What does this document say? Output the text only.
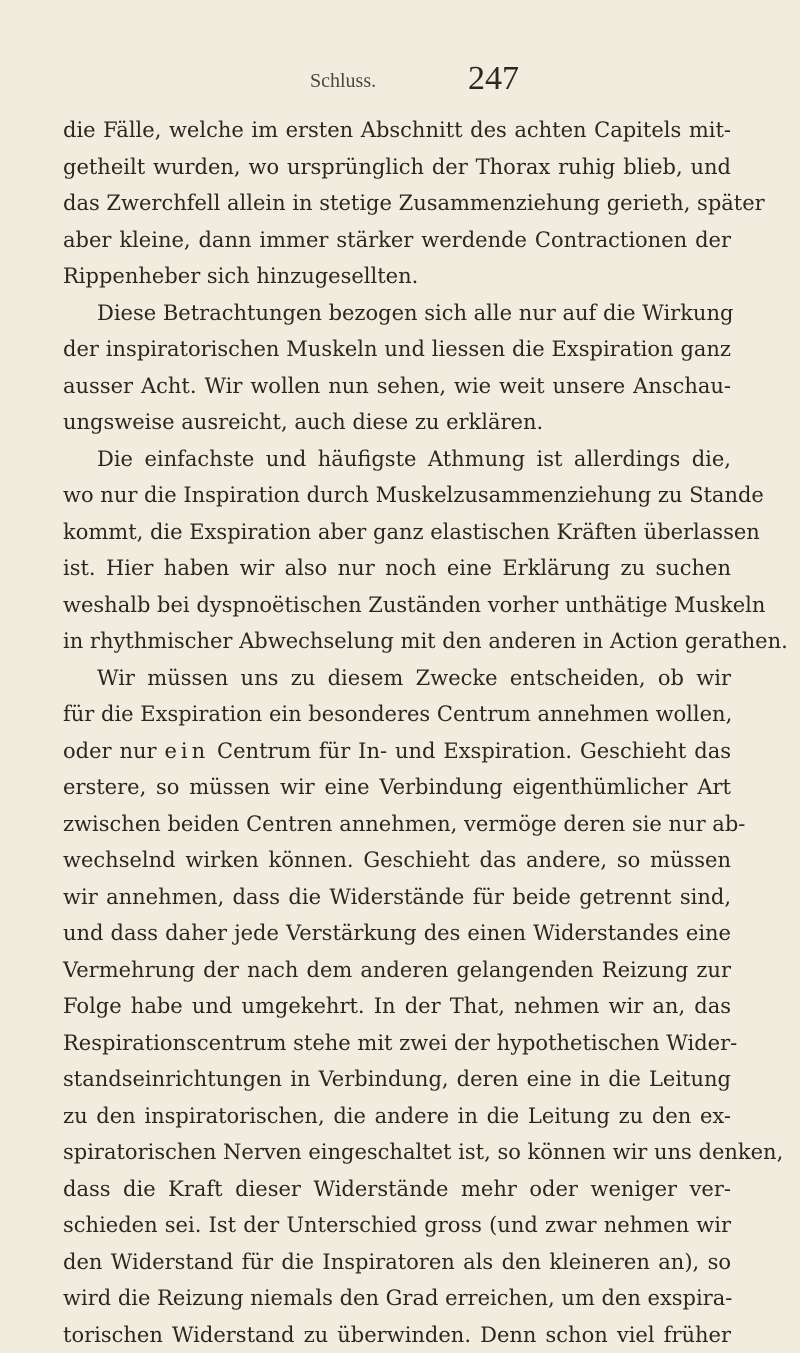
Schluss.	247
die Fälle, welche im ersten Abschnitt des achten Capitels mit-
getheilt wurden, wo ursprünglich der Thorax ruhig blieb, und
das Zwerchfell allein in stetige Zusammenziehung gerieth, später
aber kleine, dann immer stärker werdende Contractionen der
Rippenheber sich hinzugesellten.
Diese Betrachtungen bezogen sich alle nur auf die Wirkung
der inspiratorischen Muskeln und liessen die Exspiration ganz
ausser Acht. Wir wollen nun sehen, wie weit unsere Anschau-
ungsweise ausreicht, auch diese zu erklären.
Die einfachste und häufigste Athmung ist allerdings die,
wo nur die Inspiration durch Muskelzusammenziehung zu Stande
kommt, die Exspiration aber ganz elastischen Kräften überlassen
ist. Hier haben wir also nur noch eine Erklärung zu suchen
weshalb bei dyspnoëtischen Zuständen vorher unthätige Muskeln
in rhythmischer Abwechselung mit den anderen in Action gerathen.
Wir müssen uns zu diesem Zwecke entscheiden, ob wir
für die Exspiration ein besonderes Centrum annehmen wollen,
oder nur ein Centrum für In- und Exspiration. Geschieht das
erstere, so müssen wir eine Verbindung eigenthümlicher Art
zwischen beiden Centren annehmen, vermöge deren sie nur ab-
wechselnd wirken können. Geschieht das andere, so müssen
wir annehmen, dass die Widerstände für beide getrennt sind,
und dass daher jede Verstärkung des einen Widerstandes eine
Vermehrung der nach dem anderen gelangenden Reizung zur
Folge habe und umgekehrt. In der That, nehmen wir an, das
Respirationscentrum stehe mit zwei der hypothetischen Wider-
standseinrichtungen in Verbindung, deren eine in die Leitung
zu den inspiratorischen, die andere in die Leitung zu den ex-
spiratorischen Nerven eingeschaltet ist, so können wir uns denken,
dass die Kraft dieser Widerstände mehr oder weniger ver-
schieden sei. Ist der Unterschied gross (und zwar nehmen wir
den Widerstand für die Inspiratoren als den kleineren an), so
wird die Reizung niemals den Grad erreichen, um den exspira-
torischen Widerstand zu überwinden. Denn schon viel früher
